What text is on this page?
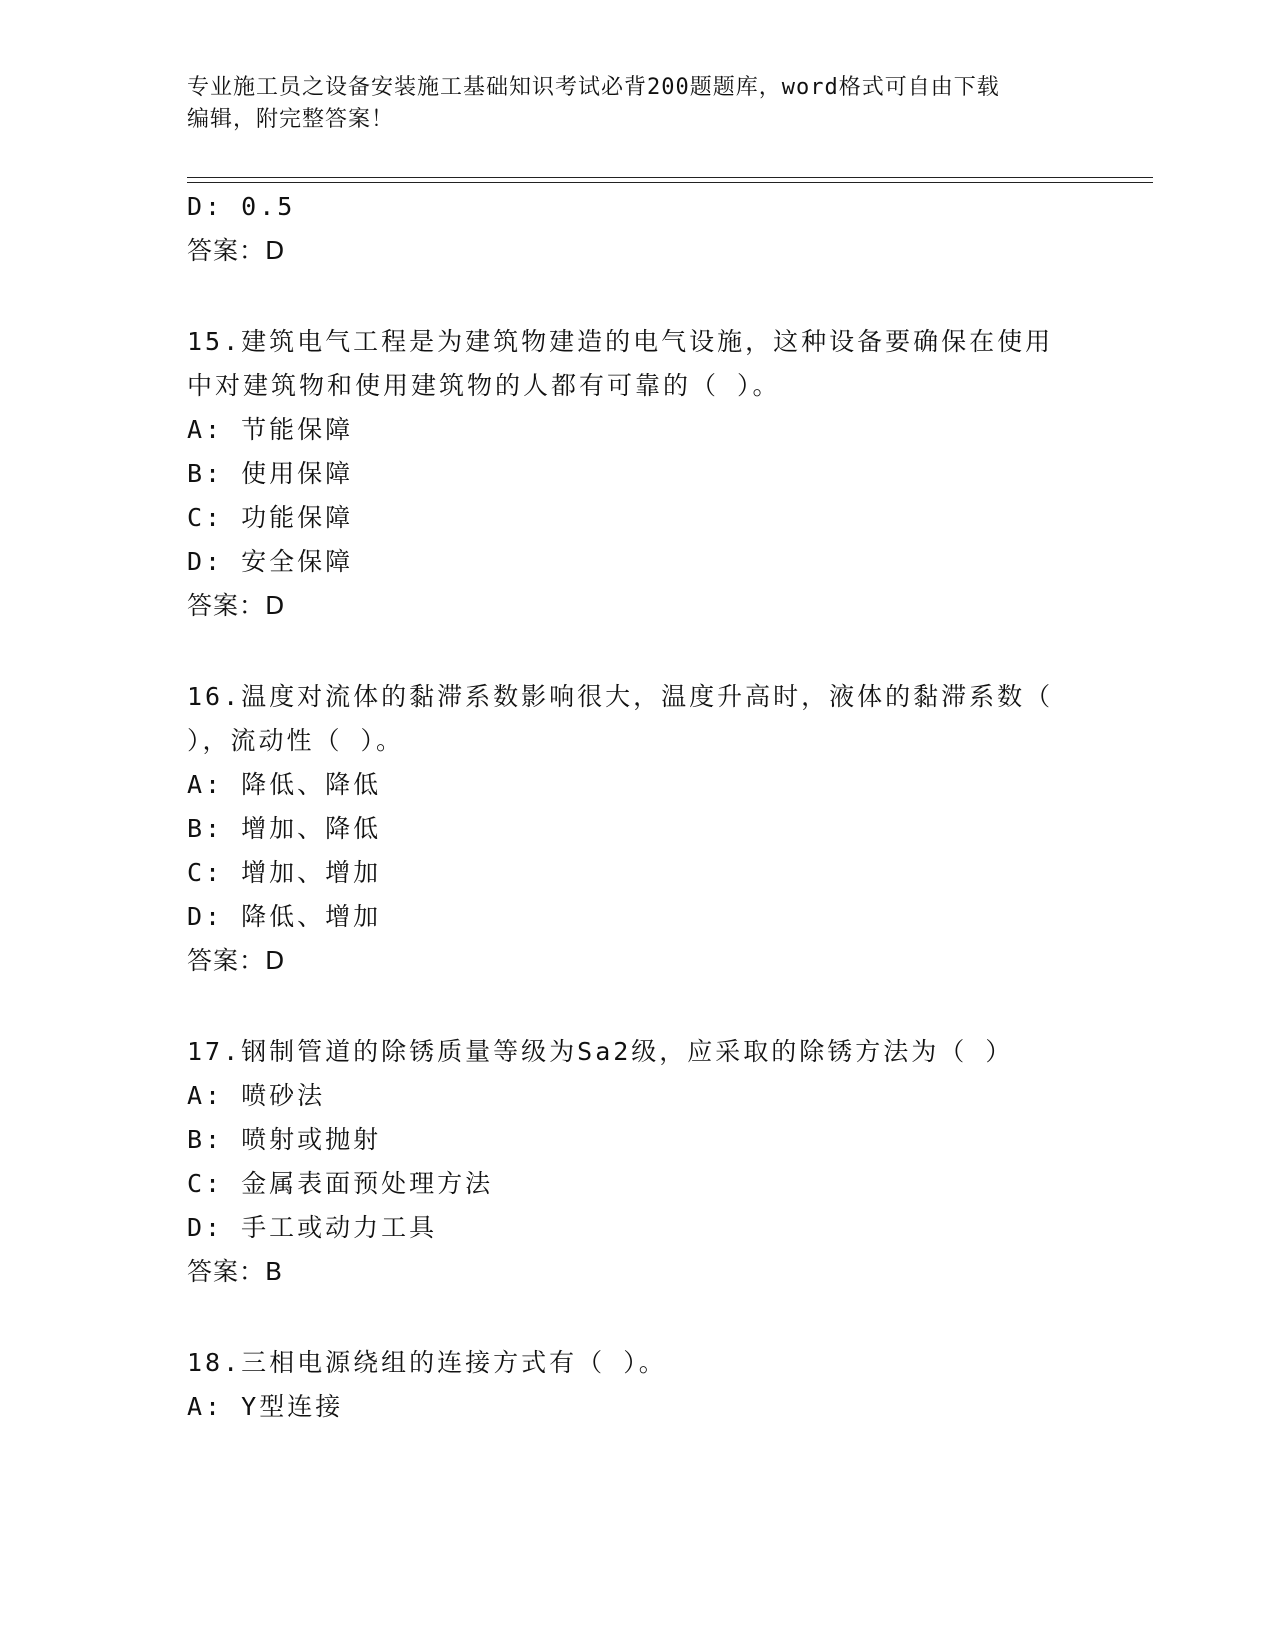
专业施工员之设备安装施工基础知识考试必背200题题库，word格式可自由下载
编辑，附完整答案！
D: 0.5
答案：D
15.建筑电气工程是为建筑物建造的电气设施，这种设备要确保在使用
中对建筑物和使用建筑物的人都有可靠的（ ）。
A: 节能保障
B: 使用保障
C: 功能保障
D: 安全保障
答案：D
16.温度对流体的黏滞系数影响很大，温度升高时，液体的黏滞系数（
），流动性（ ）。
A: 降低、降低
B: 增加、降低
C: 增加、增加
D: 降低、增加
答案：D
17.钢制管道的除锈质量等级为Sa2级，应采取的除锈方法为（ ）
A: 喷砂法
B: 喷射或抛射
C: 金属表面预处理方法
D: 手工或动力工具
答案：B
18.三相电源绕组的连接方式有（ ）。
A: Y型连接
